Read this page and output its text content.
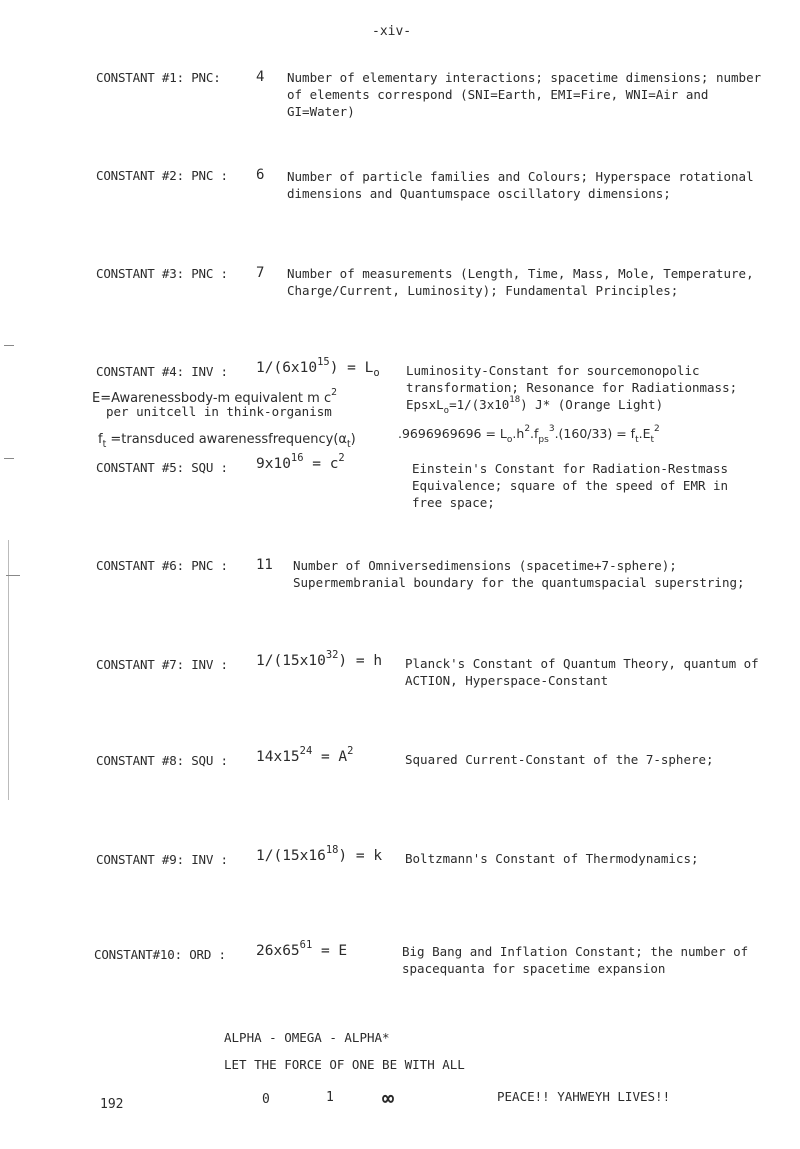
-xiv-
CONSTANT #1: PNC:	4 Number of elementary interactions; spacetime dimensions; number of elements correspond (SNI=Earth, EMI=Fire, WNI=Air and GI=Water)
CONSTANT #2: PNC : 6 Number of particle families and Colours; Hyperspace rotational dimensions and Quantumspace oscillatory dimensions;
CONSTANT #3: PNC : 7 Number of measurements (Length, Time, Mass, Mole, Temperature, Charge/Current, Luminosity); Fundamental Principles;
CONSTANT #4: INV : $1/(6x10^{15}) = L_o$ Luminosity-Constant for sourcemonopolic
transformation; Resonance for Radiationmass;
$EpsxL_o=1/(3x10^{18})$ J* (Orange Light)
E=Awarenessbody-m equivalent m $c^2$
per unitcell in think-organism
$f_t$ =transduced $awarenessfrequency(\alpha_t)$	$.9696969696 = L_o.h^2.f_{ps}^3.(160/33) = f_t.E_t^2$
CONSTANT #5: SQU : $9x10^{16} = c^2$
Einstein's Constant for Radiation-Restmass Equivalence; square of the speed of EMR in free space;
CONSTANT #6: PNC : 11 Number of Omniversedimensions (spacetime+7-sphere); Supermembranial boundary for the quantumspacial superstring;
CONSTANT #7: INV : $1/(15x10^{32}) = h$ Planck's Constant of Quantum Theory, quantum of ACTION, Hyperspace-Constant
CONSTANT #8: SQU : $14x15^{24} = A^2$
Squared Current-Constant of the 7-sphere;
CONSTANT #9: INV : $1/(15x16^{18}) = k$ Boltzmann's Constant of Thermodynamics;
CONSTANT#10: ORD : $26x65^{61} = E$	Big Bang and Inflation Constant; the number of spacequanta for spacetime expansion
ALPHA - OMEGA - ALPHA*
LET THE FORCE OF ONE BE WITH ALL
192	0	1 ∞	PEACE!! YAHWEYH LIVES!!
